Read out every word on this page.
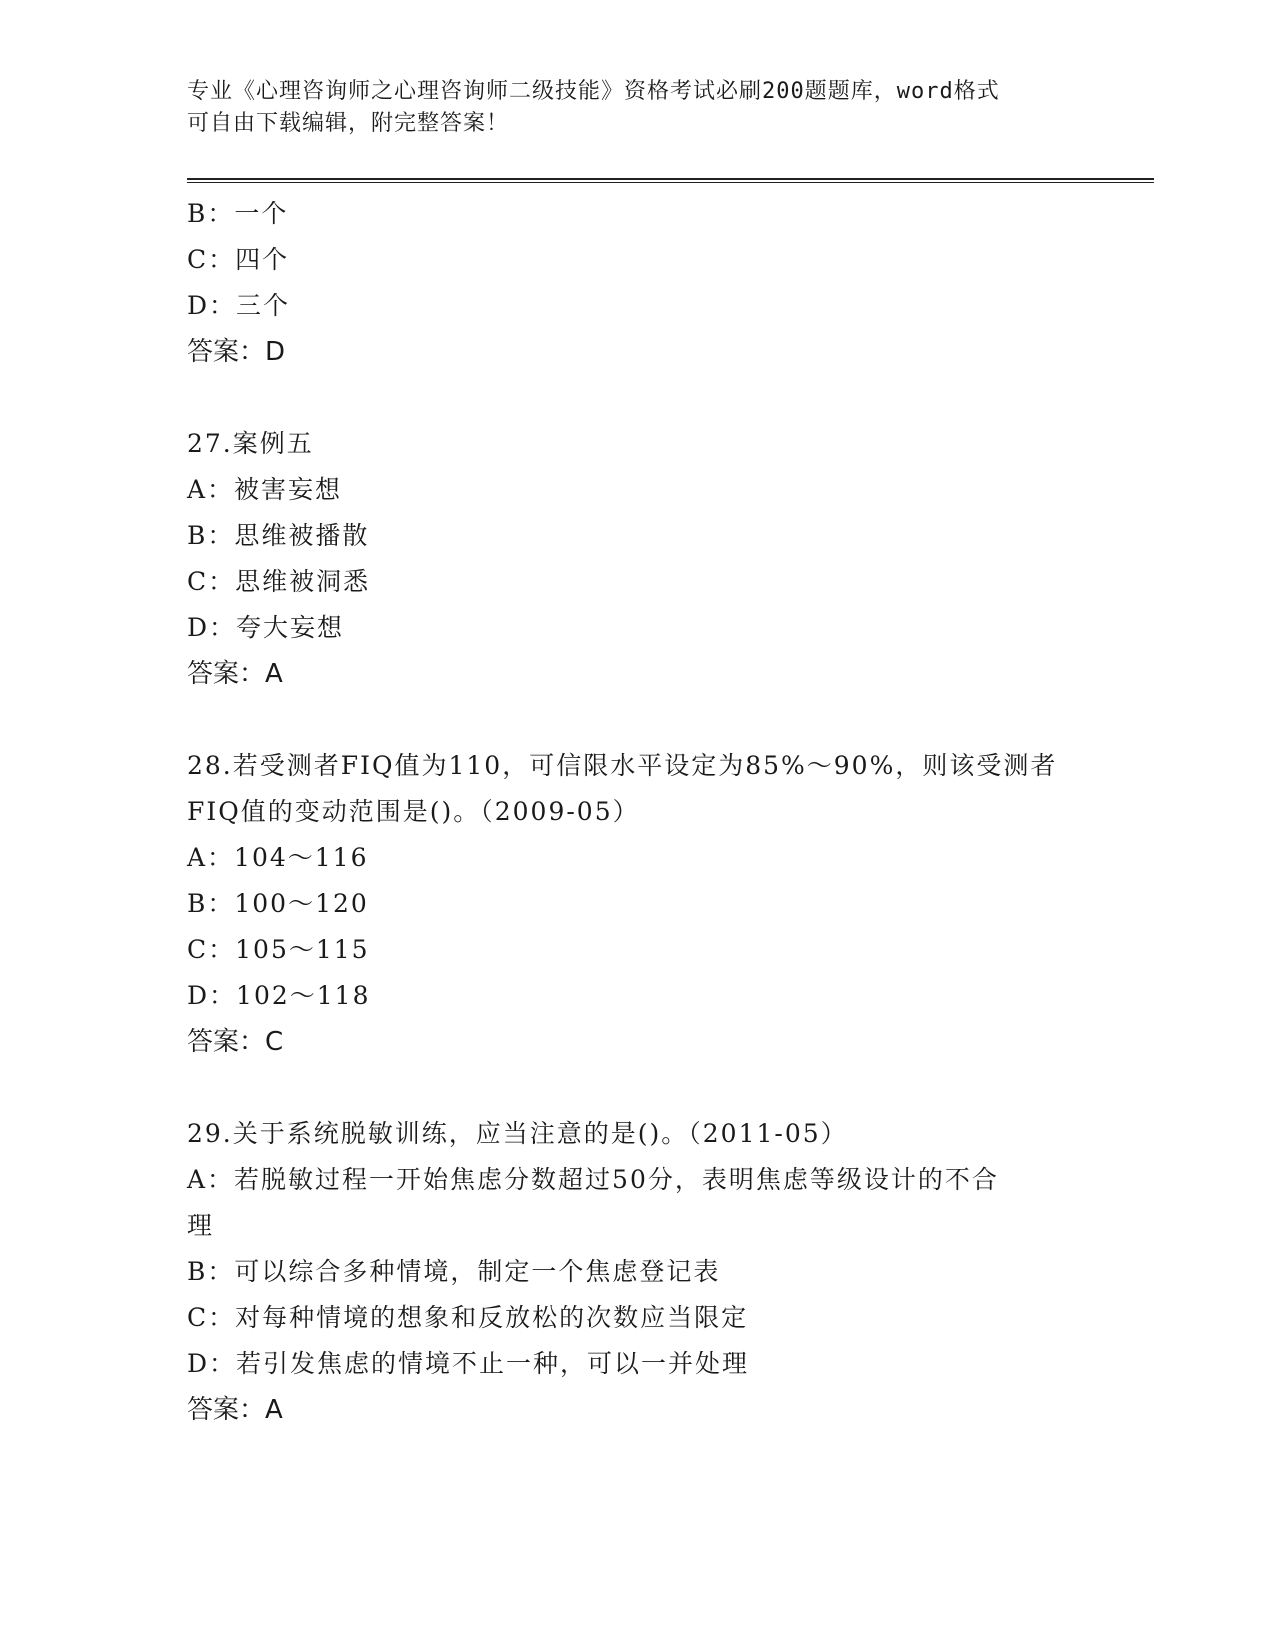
专业《心理咨询师之心理咨询师二级技能》资格考试必刷200题题库，word格式
可自由下载编辑，附完整答案！

B：一个

C：四个

D：三个

答案：D

27.案例五

A：被害妄想

B：思维被播散

C：思维被洞悉

D：夸大妄想

答案：A

28.若受测者FIQ值为110，可信限水平设定为85%～90%，则该受测者

FIQ值的变动范围是()。（2009-05）

A：104～116

B：100～120

C：105～115

D：102～118

答案：C

29.关于系统脱敏训练，应当注意的是()。（2011-05）

A：若脱敏过程一开始焦虑分数超过50分，表明焦虑等级设计的不合

理

B：可以综合多种情境，制定一个焦虑登记表

C：对每种情境的想象和反放松的次数应当限定

D：若引发焦虑的情境不止一种，可以一并处理

答案：A
